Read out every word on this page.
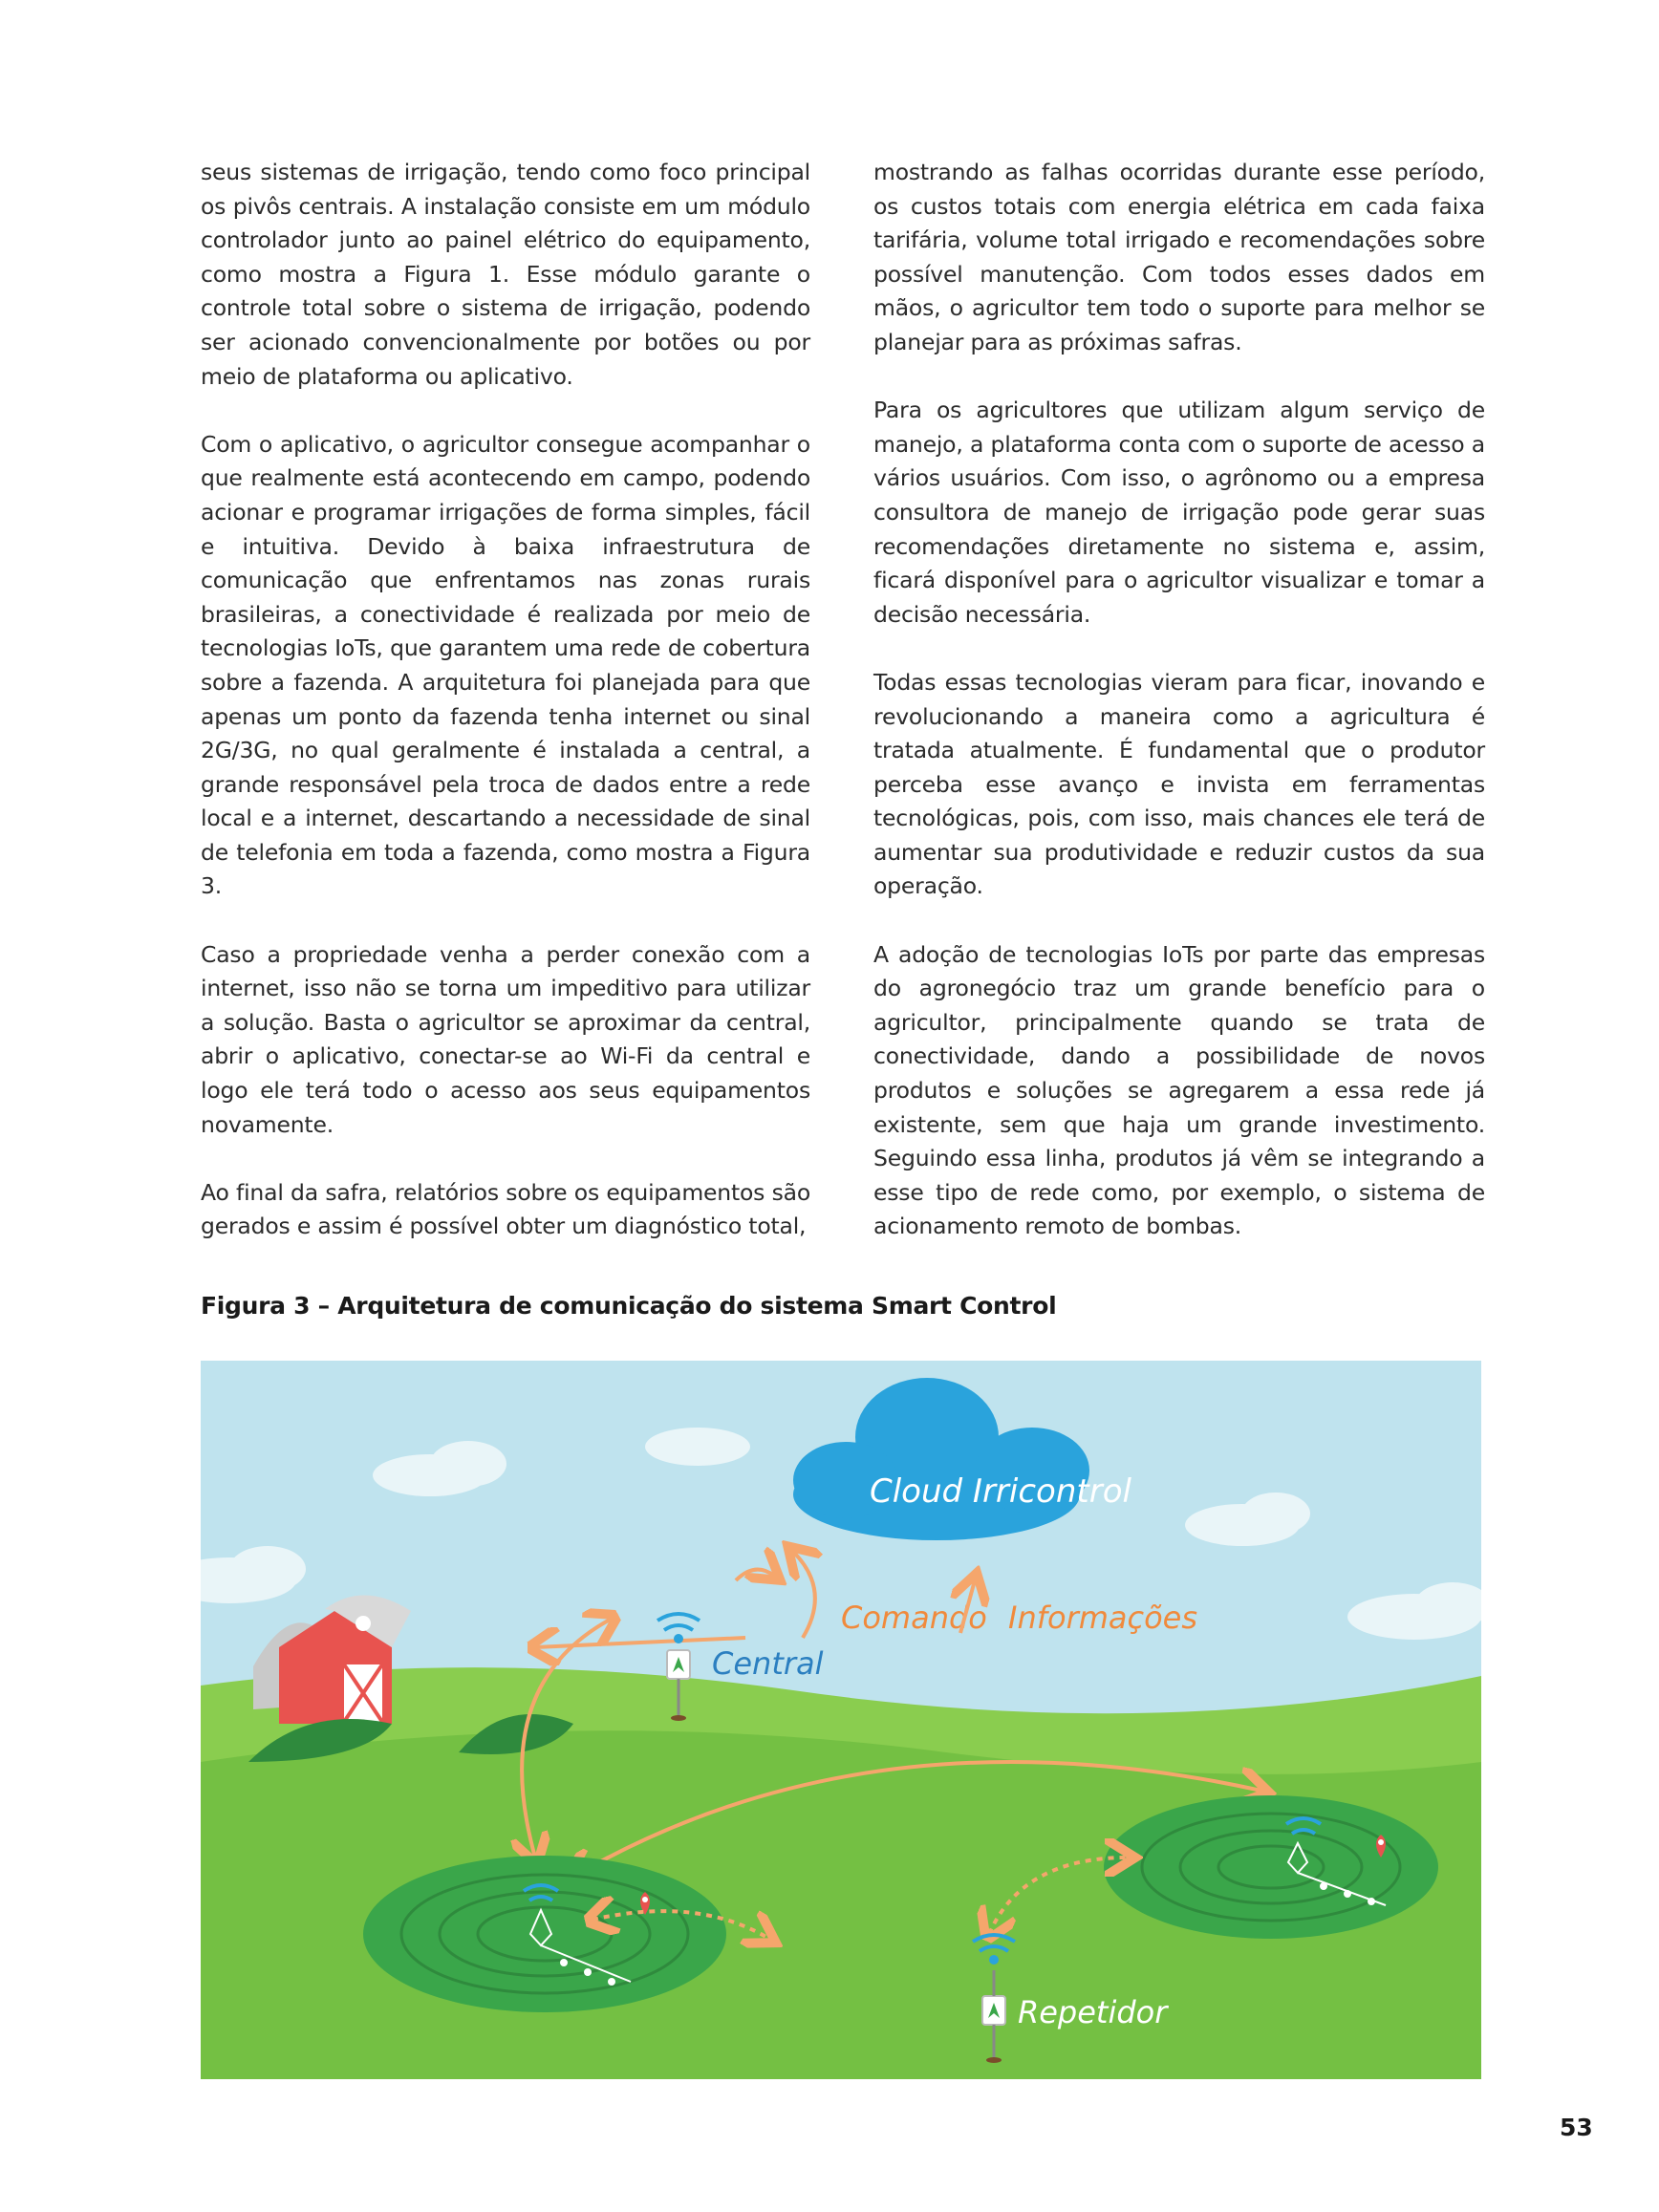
seus sistemas de irrigação, tendo como foco principal os pivôs centrais. A instalação consiste em um módulo controlador junto ao painel elétrico do equipamento, como mostra a Figura 1. Esse módulo garante o controle total sobre o sistema de irrigação, podendo ser acionado convencionalmente por botões ou por meio de plataforma ou aplicativo.

Com o aplicativo, o agricultor consegue acompanhar o que realmente está acontecendo em campo, podendo acionar e programar irrigações de forma simples, fácil e intuitiva. Devido à baixa infraestrutura de comunicação que enfrentamos nas zonas rurais brasileiras, a conectividade é realizada por meio de tecnologias IoTs, que garantem uma rede de cobertura sobre a fazenda. A arquitetura foi planejada para que apenas um ponto da fazenda tenha internet ou sinal 2G/3G, no qual geralmente é instalada a central, a grande responsável pela troca de dados entre a rede local e a internet, descartando a necessidade de sinal de telefonia em toda a fazenda, como mostra a Figura 3.

Caso a propriedade venha a perder conexão com a internet, isso não se torna um impeditivo para utilizar a solução. Basta o agricultor se aproximar da central, abrir o aplicativo, conectar-se ao Wi-Fi da central e logo ele terá todo o acesso aos seus equipamentos novamente.

Ao final da safra, relatórios sobre os equipamentos são gerados e assim é possível obter um diagnóstico total,

mostrando as falhas ocorridas durante esse período, os custos totais com energia elétrica em cada faixa tarifária, volume total irrigado e recomendações sobre possível manutenção. Com todos esses dados em mãos, o agricultor tem todo o suporte para melhor se planejar para as próximas safras.

Para os agricultores que utilizam algum serviço de manejo, a plataforma conta com o suporte de acesso a vários usuários. Com isso, o agrônomo ou a empresa consultora de manejo de irrigação pode gerar suas recomendações diretamente no sistema e, assim, ficará disponível para o agricultor visualizar e tomar a decisão necessária.

Todas essas tecnologias vieram para ficar, inovando e revolucionando a maneira como a agricultura é tratada atualmente. É fundamental que o produtor perceba esse avanço e invista em ferramentas tecnológicas, pois, com isso, mais chances ele terá de aumentar sua produtividade e reduzir custos da sua operação.

A adoção de tecnologias IoTs por parte das empresas do agronegócio traz um grande benefício para o agricultor, principalmente quando se trata de conectividade, dando a possibilidade de novos produtos e soluções se agregarem a essa rede já existente, sem que haja um grande investimento. Seguindo essa linha, produtos já vêm se integrando a esse tipo de rede como, por exemplo, o sistema de acionamento remoto de bombas.

Figura 3 – Arquitetura de comunicação do sistema Smart Control
Cloud Irricontrol
Comando Informações
Central
Repetidor
53
